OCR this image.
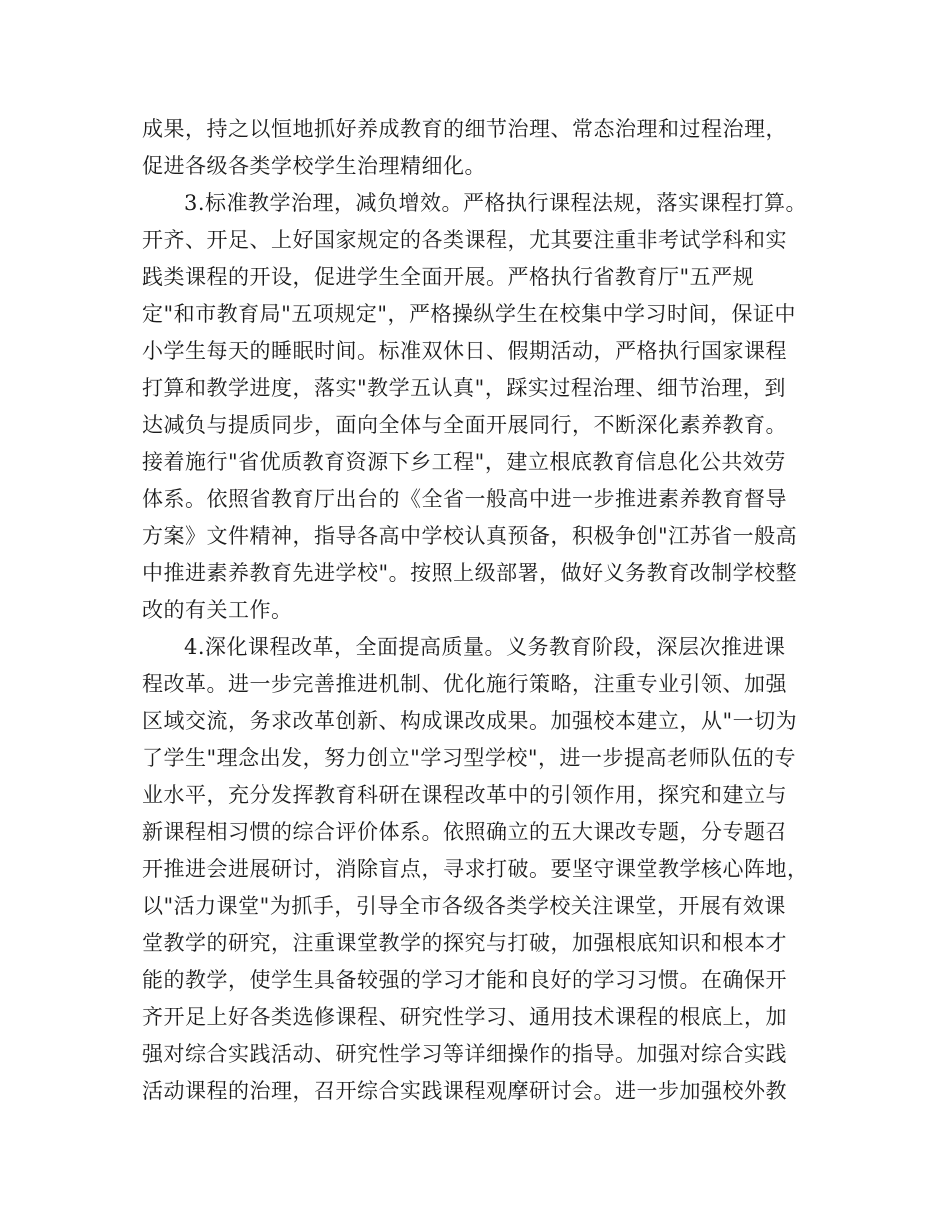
成果，持之以恒地抓好养成教育的细节治理、常态治理和过程治理，
促进各级各类学校学生治理精细化。
3.标准教学治理，减负增效。严格执行课程法规，落实课程打算。
开齐、开足、上好国家规定的各类课程，尤其要注重非考试学科和实
践类课程的开设，促进学生全面开展。严格执行省教育厅"五严规
定"和市教育局"五项规定"，严格操纵学生在校集中学习时间，保证中
小学生每天的睡眠时间。标准双休日、假期活动，严格执行国家课程
打算和教学进度，落实"教学五认真"，踩实过程治理、细节治理，到
达减负与提质同步，面向全体与全面开展同行，不断深化素养教育。
接着施行"省优质教育资源下乡工程"，建立根底教育信息化公共效劳
体系。依照省教育厅出台的《全省一般高中进一步推进素养教育督导
方案》文件精神，指导各高中学校认真预备，积极争创"江苏省一般高
中推进素养教育先进学校"。按照上级部署，做好义务教育改制学校整
改的有关工作。
4.深化课程改革，全面提高质量。义务教育阶段，深层次推进课
程改革。进一步完善推进机制、优化施行策略，注重专业引领、加强
区域交流，务求改革创新、构成课改成果。加强校本建立，从"一切为
了学生"理念出发，努力创立"学习型学校"，进一步提高老师队伍的专
业水平，充分发挥教育科研在课程改革中的引领作用，探究和建立与
新课程相习惯的综合评价体系。依照确立的五大课改专题，分专题召
开推进会进展研讨，消除盲点，寻求打破。要坚守课堂教学核心阵地，
以"活力课堂"为抓手，引导全市各级各类学校关注课堂，开展有效课
堂教学的研究，注重课堂教学的探究与打破，加强根底知识和根本才
能的教学，使学生具备较强的学习才能和良好的学习习惯。在确保开
齐开足上好各类选修课程、研究性学习、通用技术课程的根底上，加
强对综合实践活动、研究性学习等详细操作的指导。加强对综合实践
活动课程的治理，召开综合实践课程观摩研讨会。进一步加强校外教
